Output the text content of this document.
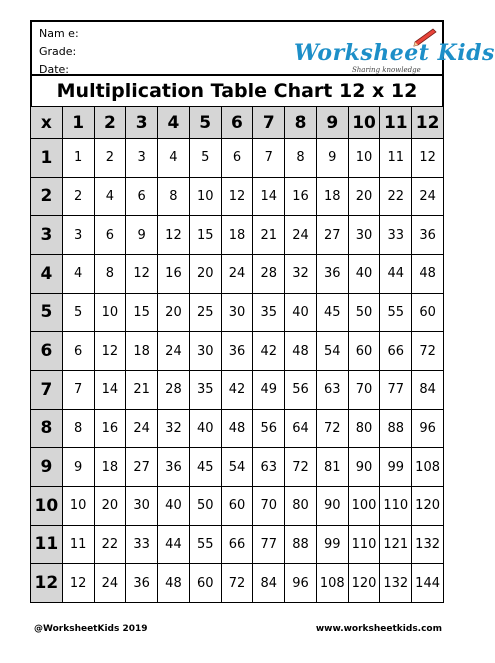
Nam e:
Grade:
Date:
Worksheet Kids
Sharing knowledge
Multiplication Table Chart 12 x 12
x	1	2	3	4	5	6	7	8	9	10	11	12
1	1	2	3	4	5	6	7	8	9	10	11	12
2	2	4	6	8	10	12	14	16	18	20	22	24
3	3	6	9	12	15	18	21	24	27	30	33	36
4	4	8	12	16	20	24	28	32	36	40	44	48
5	5	10	15	20	25	30	35	40	45	50	55	60
6	6	12	18	24	30	36	42	48	54	60	66	72
7	7	14	21	28	35	42	49	56	63	70	77	84
8	8	16	24	32	40	48	56	64	72	80	88	96
9	9	18	27	36	45	54	63	72	81	90	99	108
10	10	20	30	40	50	60	70	80	90	100	110	120
11	11	22	33	44	55	66	77	88	99	110	121	132
12	12	24	36	48	60	72	84	96	108	120	132	144
@WorksheetKids 2019	www.worksheetkids.com
